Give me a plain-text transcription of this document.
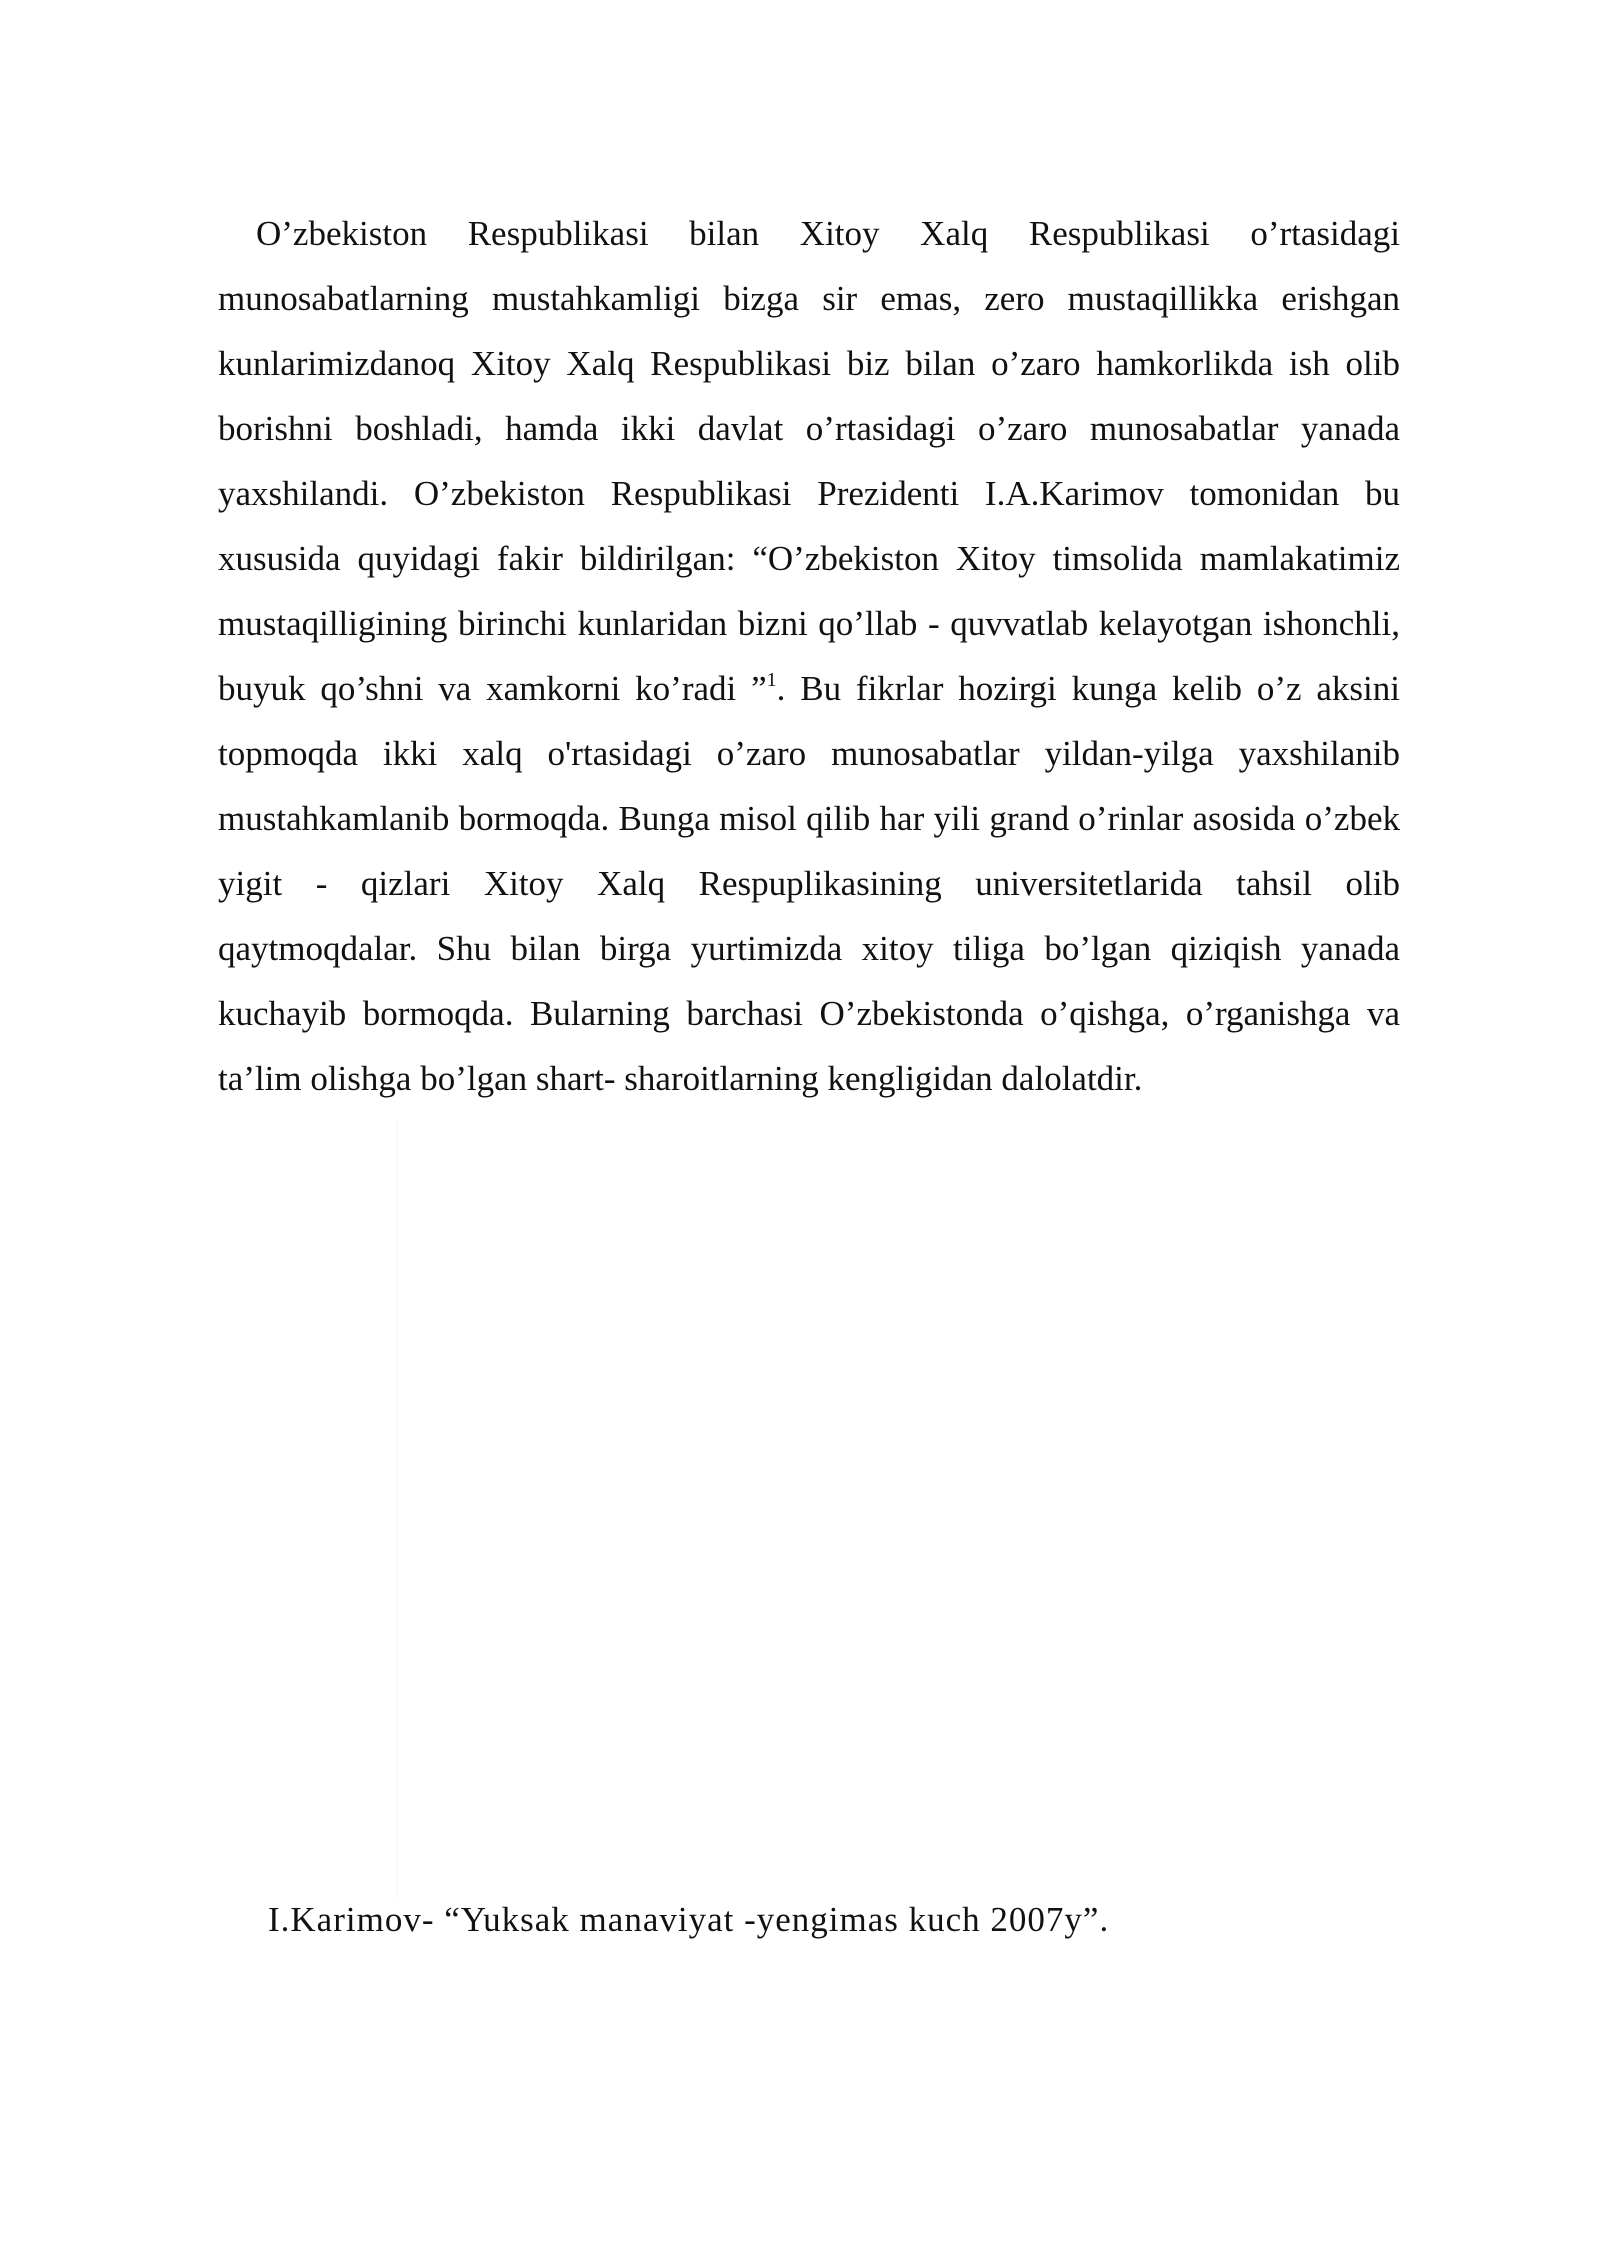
O’zbekiston Respublikasi bilan Xitoy Xalq Respublikasi o’rtasidagi munosabatlarning mustahkamligi bizga sir emas, zero mustaqillikka erishgan kunlarimizdanoq Xitoy Xalq Respublikasi biz bilan o’zaro hamkorlikda ish olib borishni boshladi, hamda ikki davlat o’rtasidagi o’zaro munosabatlar yanada yaxshilandi. O’zbekiston Respublikasi Prezidenti I.A.Karimov tomonidan bu xususida quyidagi fakir bildirilgan: “O’zbekiston Xitoy timsolida mamlakatimiz mustaqilligining birinchi kunlaridan bizni qo’llab - quvvatlab kelayotgan ishonchli, buyuk qo’shni va xamkorni ko’radi ”$^1$. Bu fikrlar hozirgi kunga kelib o’z aksini topmoqda ikki xalq o'rtasidagi o’zaro munosabatlar yildan-yilga yaxshilanib mustahkamlanib bormoqda. Bunga misol qilib har yili grand o’rinlar asosida o’zbek yigit - qizlari Xitoy Xalq Respuplikasining universitetlarida tahsil olib qaytmoqdalar. Shu bilan birga yurtimizda xitoy tiliga bo’lgan qiziqish yanada kuchayib bormoqda. Bularning barchasi O’zbekistonda o’qishga, o’rganishga va ta’lim olishga bo’lgan shart- sharoitlarning kengligidan dalolatdir.

I.Karimov- “Yuksak manaviyat -yengimas kuch 2007y”.
